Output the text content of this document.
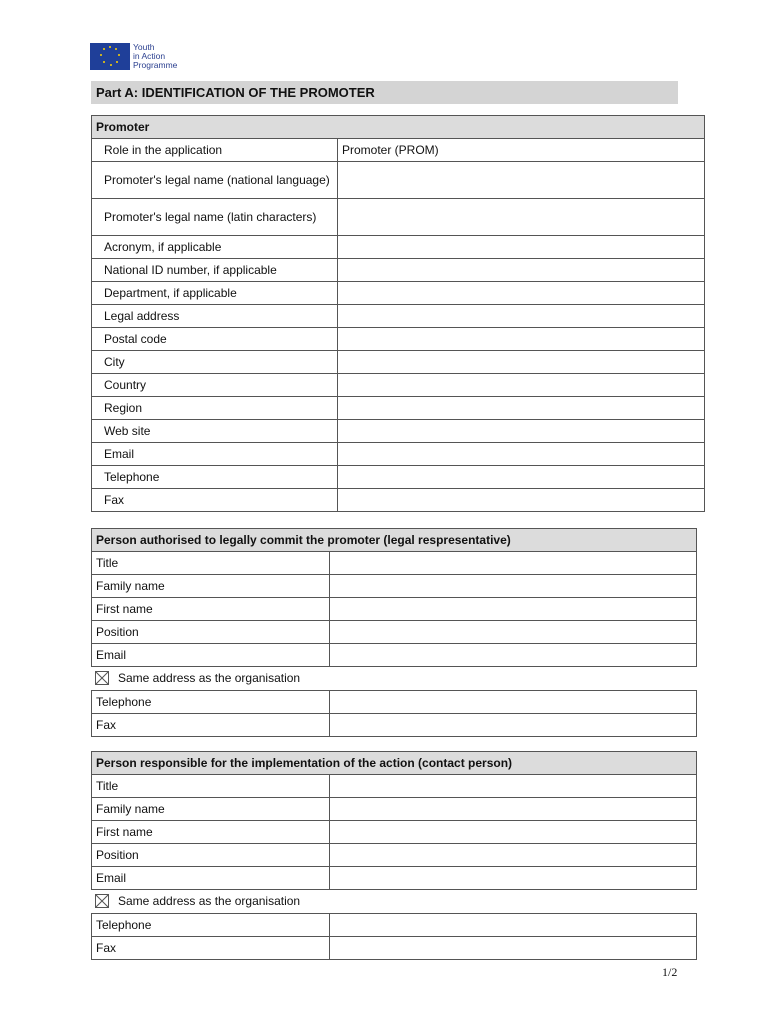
Youth
in Action
Programme
Part A: IDENTIFICATION OF THE PROMOTER
Promoter	
Role in the application	Promoter (PROM)
Promoter's legal name (national language)	
Promoter's legal name (latin characters)	
Acronym, if applicable	
National ID number, if applicable	
Department, if applicable	
Legal address	
Postal code	
City	
Country	
Region	
Web site	
Email	
Telephone	
Fax	
Person authorised to legally commit the promoter (legal respresentative)	
Title	
Family name	
First name	
Position	
Email	
Same address as the organisation
Telephone	
Fax	
Person responsible for the implementation of the action (contact person)	
Title	
Family name	
First name	
Position	
Email	
Same address as the organisation
Telephone	
Fax	
1/2
